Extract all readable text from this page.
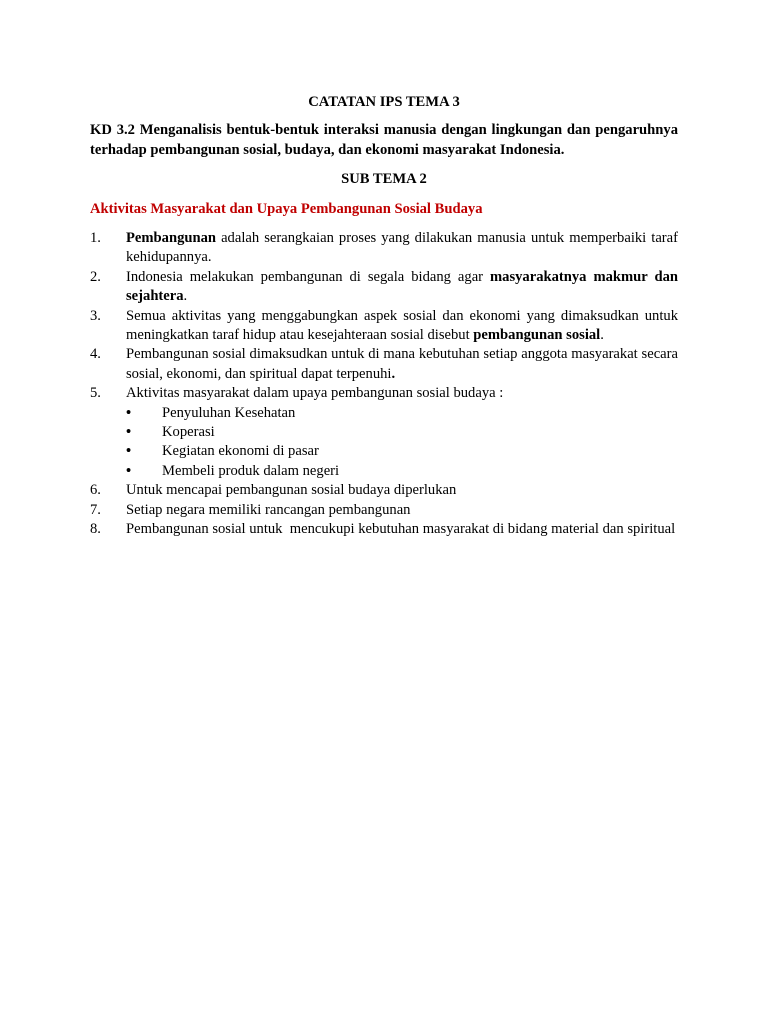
CATATAN IPS TEMA 3
KD 3.2 Menganalisis bentuk-bentuk interaksi manusia dengan lingkungan dan pengaruhnya terhadap pembangunan sosial, budaya, dan ekonomi masyarakat Indonesia.
SUB TEMA 2
Aktivitas Masyarakat dan Upaya Pembangunan Sosial Budaya
1. Pembangunan adalah serangkaian proses yang dilakukan manusia untuk memperbaiki taraf kehidupannya.
2. Indonesia melakukan pembangunan di segala bidang agar masyarakatnya makmur dan sejahtera.
3. Semua aktivitas yang menggabungkan aspek sosial dan ekonomi yang dimaksudkan untuk meningkatkan taraf hidup atau kesejahteraan sosial disebut pembangunan sosial.
4. Pembangunan sosial dimaksudkan untuk di mana kebutuhan setiap anggota masyarakat secara sosial, ekonomi, dan spiritual dapat terpenuhi.
5. Aktivitas masyarakat dalam upaya pembangunan sosial budaya :
• Penyuluhan Kesehatan
• Koperasi
• Kegiatan ekonomi di pasar
• Membeli produk dalam negeri
6. Untuk mencapai pembangunan sosial budaya diperlukan
7. Setiap negara memiliki rancangan pembangunan
8. Pembangunan sosial untuk  mencukupi kebutuhan masyarakat di bidang material dan spiritual
